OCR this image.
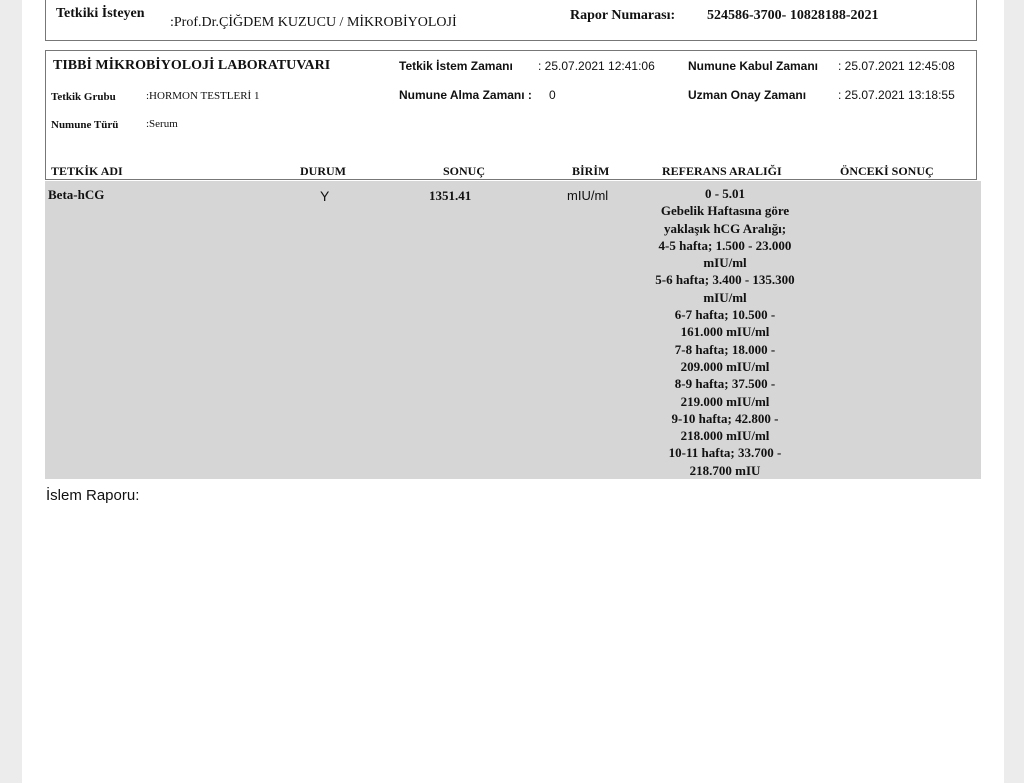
Tetkiki İsteyen
:Prof.Dr.ÇİĞDEM KUZUCU / MİKROBİYOLOJİ	Rapor Numarası: 524586-3700- 10828188-2021
TIBBİ MİKROBİYOLOJİ LABORATUVARI	Tetkik İstem Zamanı : 25.07.2021 12:41:06	Numune Kabul Zamanı : 25.07.2021 12:45:08
Tetkik Grubu	:HORMON TESTLERİ 1	Numune Alma Zamanı : 0	Uzman Onay Zamanı	: 25.07.2021 13:18:55
Numune Türü	:Serum
TETKİK ADI	DURUM	SONUÇ	BİRİM	REFERANS ARALIĞI	ÖNCEKİ SONUÇ
Beta-hCG	Y	1351.41	mIU/ml	0 - 5.01
Gebelik Haftasına göre
yaklaşık hCG Aralığı;
4-5 hafta; 1.500 - 23.000
mIU/ml
5-6 hafta; 3.400 - 135.300
mIU/ml
6-7 hafta; 10.500 -
161.000 mIU/ml
7-8 hafta; 18.000 -
209.000 mIU/ml
8-9 hafta; 37.500 -
219.000 mIU/ml
9-10 hafta; 42.800 -
218.000 mIU/ml
10-11 hafta; 33.700 -
218.700 mIU
İslem Raporu:
